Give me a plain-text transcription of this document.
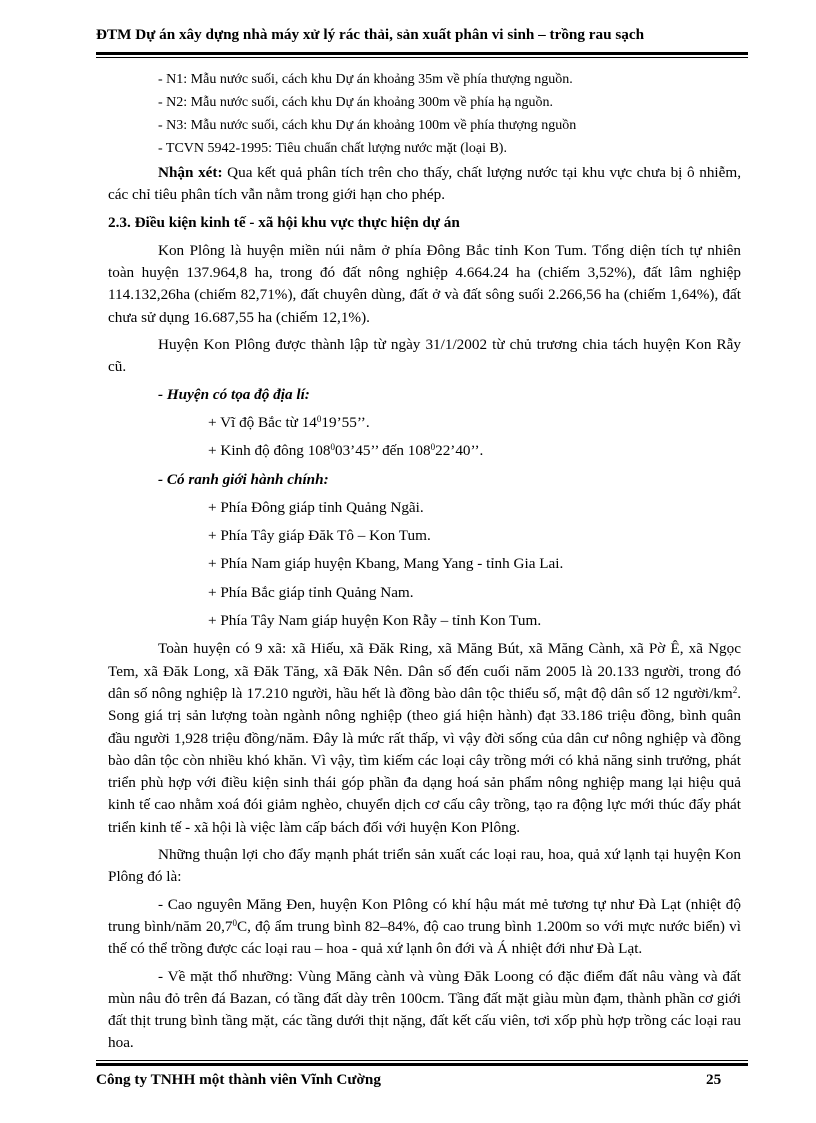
ĐTM Dự án xây dựng nhà máy xử lý rác thải, sản xuất phân vi sinh – trồng rau sạch

- N1: Mẫu nước suối, cách khu Dự án khoảng 35m về phía thượng nguồn.

- N2: Mẫu nước suối, cách khu Dự án khoảng 300m về phía hạ nguồn.

- N3: Mẫu nước suối, cách khu Dự án khoảng 100m về phía thượng nguồn

- TCVN 5942-1995: Tiêu chuẩn chất lượng nước mặt (loại B).

Nhận xét: Qua kết quả phân tích trên cho thấy, chất lượng nước tại khu vực chưa bị ô nhiễm, các chỉ tiêu phân tích vẫn nằm trong giới hạn cho phép.

2.3. Điều kiện kinh tế - xã hội khu vực thực hiện dự án

Kon Plông là huyện miền núi nằm ở phía Đông Bắc tỉnh Kon Tum. Tổng diện tích tự nhiên toàn huyện 137.964,8 ha, trong đó đất nông nghiệp 4.664.24 ha (chiếm 3,52%), đất lâm nghiệp 114.132,26ha (chiếm 82,71%), đất chuyên dùng, đất ở và đất sông suối 2.266,56 ha (chiếm 1,64%), đất chưa sử dụng 16.687,55 ha (chiếm 12,1%).

Huyện Kon Plông được thành lập từ ngày 31/1/2002 từ chủ trương chia tách huyện Kon Rẫy cũ.

- Huyện có tọa độ địa lí:

+ Vĩ độ Bắc từ $14^019’55$’’.

+ Kinh độ đông $108^003’45$’’ đến $108^022’40$’’.

- Có ranh giới hành chính:

+ Phía Đông giáp tỉnh Quảng Ngãi.

+ Phía Tây giáp Đăk Tô – Kon Tum.

+ Phía Nam giáp huyện Kbang, Mang Yang - tỉnh Gia Lai.

+ Phía Bắc giáp tỉnh Quảng Nam.

+ Phía Tây Nam giáp huyện Kon Rẫy – tỉnh Kon Tum.

Toàn huyện có 9 xã: xã Hiếu, xã Đăk Ring, xã Măng Bút, xã Măng Cành, xã Pờ Ê, xã Ngọc Tem, xã Đăk Long, xã Đăk Tăng, xã Đăk Nên. Dân số đến cuối năm 2005 là 20.133 người, trong đó dân số nông nghiệp là 17.210 người, hầu hết là đồng bào dân tộc thiểu số, mật độ dân số 12 người/$km^2$. Song giá trị sản lượng toàn ngành nông nghiệp (theo giá hiện hành) đạt 33.186 triệu đồng, bình quân đầu người 1,928 triệu đồng/năm. Đây là mức rất thấp, vì vậy đời sống của dân cư nông nghiệp và đồng bào dân tộc còn nhiều khó khăn. Vì vậy, tìm kiếm các loại cây trồng mới có khả năng sinh trưởng, phát triển phù hợp với điều kiện sinh thái góp phần đa dạng hoá sản phẩm nông nghiệp mang lại hiệu quả kinh tế cao nhằm xoá đói giảm nghèo, chuyển dịch cơ cấu cây trồng, tạo ra động lực mới thúc đẩy phát triển kinh tế - xã hội là việc làm cấp bách đối với huyện Kon Plông.

Những thuận lợi cho đẩy mạnh phát triển sản xuất các loại rau, hoa, quả xứ lạnh tại huyện Kon Plông đó là:

- Cao nguyên Măng Đen, huyện Kon Plông có khí hậu mát mẻ tương tự như Đà Lạt (nhiệt độ trung bình/năm 20,7$^0$C, độ ẩm trung bình 82–84%, độ cao trung bình 1.200m so với mực nước biển) vì thế có thể trồng được các loại rau – hoa - quả xứ lạnh ôn đới và Á nhiệt đới như Đà Lạt.

- Về mặt thổ nhưỡng: Vùng Măng cành và vùng Đăk Loong có đặc điểm đất nâu vàng và đất mùn nâu đỏ trên đá Bazan, có tầng đất dày trên 100cm. Tầng đất mặt giàu mùn đạm, thành phần cơ giới đất thịt trung bình tầng mặt, các tầng dưới thịt nặng, đất kết cấu viên, tơi xốp phù hợp trồng các loại rau hoa.

Công ty TNHH một thành viên Vĩnh Cường	25
